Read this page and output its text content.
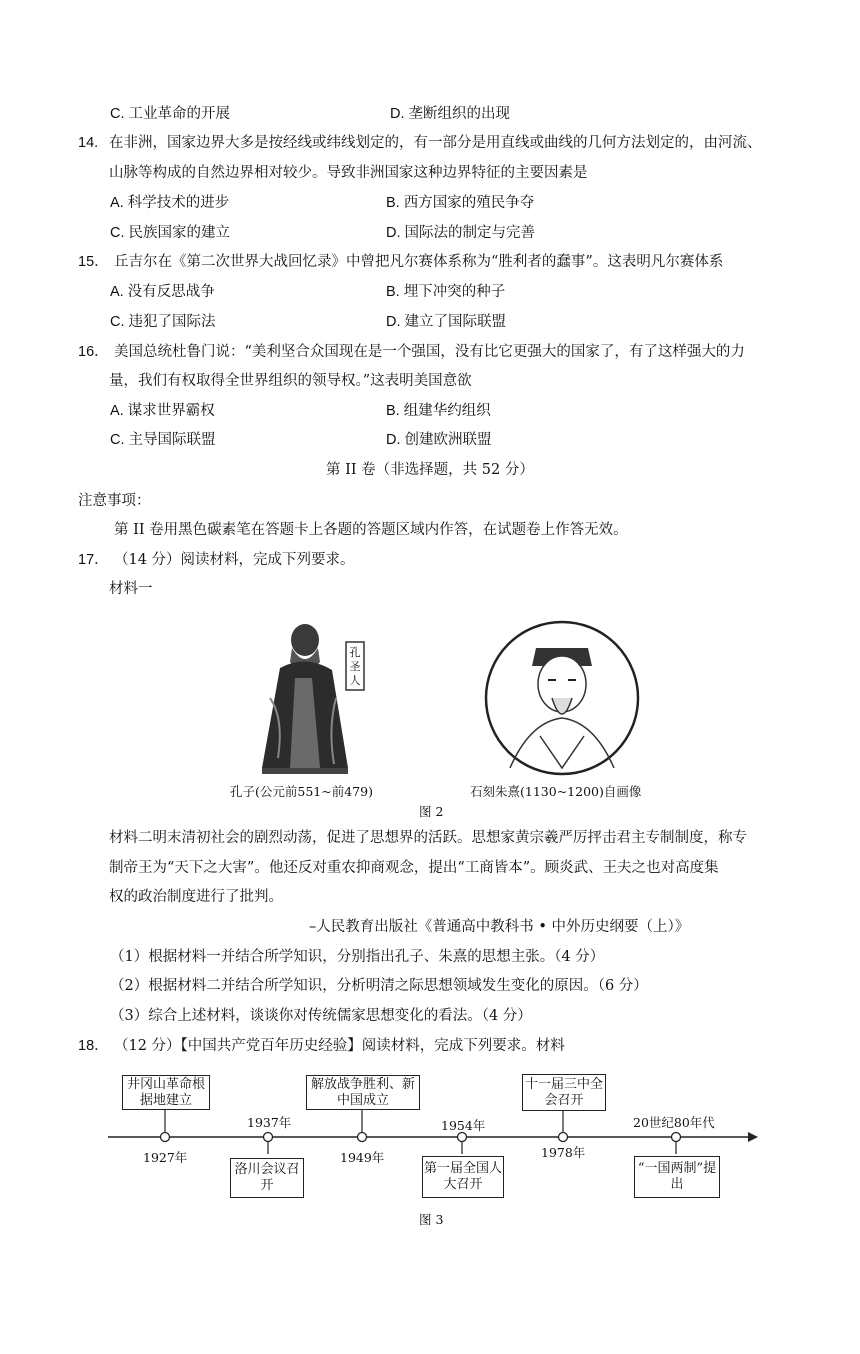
C. 工业革命的开展	D. 垄断组织的出现
14. 在非洲，国家边界大多是按经线或纬线划定的，有一部分是用直线或曲线的几何方法划定的，由河流、
山脉等构成的自然边界相对较少。导致非洲国家这种边界特征的主要因素是
A. 科学技术的进步	B. 西方国家的殖民争夺
C. 民族国家的建立	D. 国际法的制定与完善
15． 丘吉尔在《第二次世界大战回忆录》中曾把凡尔赛体系称为“胜利者的蠢事”。这表明凡尔赛体系
A. 没有反思战争	B. 埋下冲突的种子
C. 违犯了国际法	D. 建立了国际联盟
16． 美国总统杜鲁门说：“美利坚合众国现在是一个强国，没有比它更强大的国家了，有了这样强大的力
量，我们有权取得全世界组织的领导权。”这表明美国意欲
A. 谋求世界霸权	B. 组建华约组织
C. 主导国际联盟	D. 创建欧洲联盟
第 II 卷（非选择题，共 52 分）
注意事项：
第 II 卷用黑色碳素笔在答题卡上各题的答题区域内作答，在试题卷上作答无效。
17． （14 分）阅读材料，完成下列要求。
材料一
孔
圣
人
孔子(公元前551~前479)	石刻朱熹(1130~1200)自画像
图 2
材料二明末清初社会的剧烈动荡，促进了思想界的活跃。思想家黄宗羲严厉抨击君主专制制度，称专
制帝王为“天下之大害”。他还反对重农抑商观念，提出“工商皆本”。顾炎武、王夫之也对高度集
权的政治制度进行了批判。
–人民教育出版社《普通高中教科书 • 中外历史纲要（上）》
（1）根据材料一并结合所学知识，分别指出孔子、朱熹的思想主张。（4 分）
（2）根据材料二并结合所学知识，分析明清之际思想领域发生变化的原因。（6 分）
（3）综合上述材料，谈谈你对传统儒家思想变化的看法。（4 分）
18． （12 分）【中国共产党百年历史经验】阅读材料，完成下列要求。材料
1927年
1937年
1949年
1954年
1978年
20世纪80年代
井冈山革命根据地建立
解放战争胜利、新中国成立
十一届三中全会召开
洛川会议召开
第一届全国人大召开
“一国两制”提出
图 3
